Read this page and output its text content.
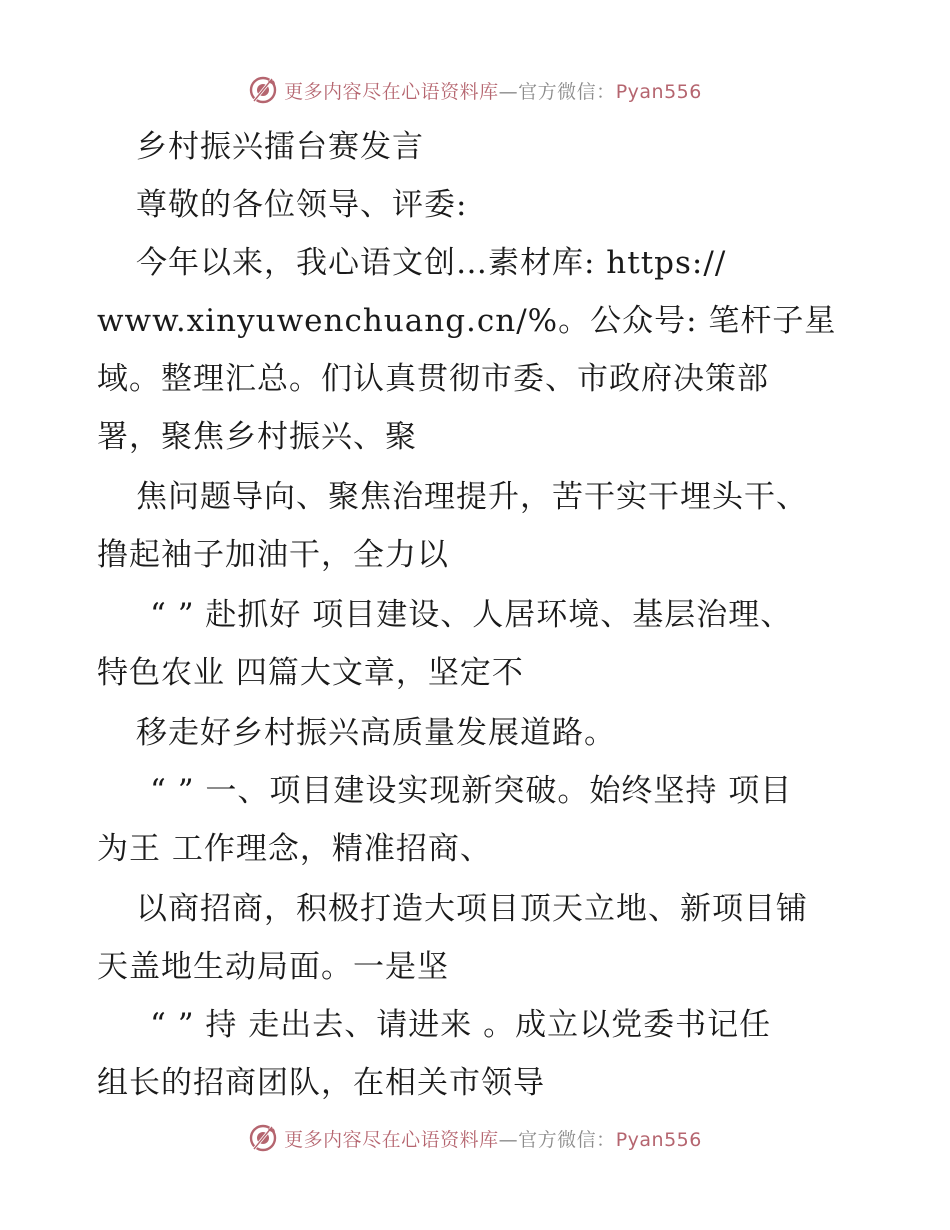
更多内容尽在心语资料库—官方微信：Pyan556
乡村振兴擂台赛发言
尊敬的各位领导、评委:
今年以来，我心语文创…素材库: https://
www.xinyuwenchuang.cn/%。公众号: 笔杆子星
域。整理汇总。们认真贯彻市委、市政府决策部
署，聚焦乡村振兴、聚
焦问题导向、聚焦治理提升，苦干实干埋头干、
撸起袖子加油干，全力以
“ ” 赴抓好 项目建设、人居环境、基层治理、
特色农业 四篇大文章，坚定不
移走好乡村振兴高质量发展道路。
“ ” 一、项目建设实现新突破。始终坚持 项目
为王 工作理念，精准招商、
以商招商，积极打造大项目顶天立地、新项目铺
天盖地生动局面。一是坚
“ ” 持 走出去、请进来 。成立以党委书记任
组长的招商团队，在相关市领导
更多内容尽在心语资料库—官方微信：Pyan556
